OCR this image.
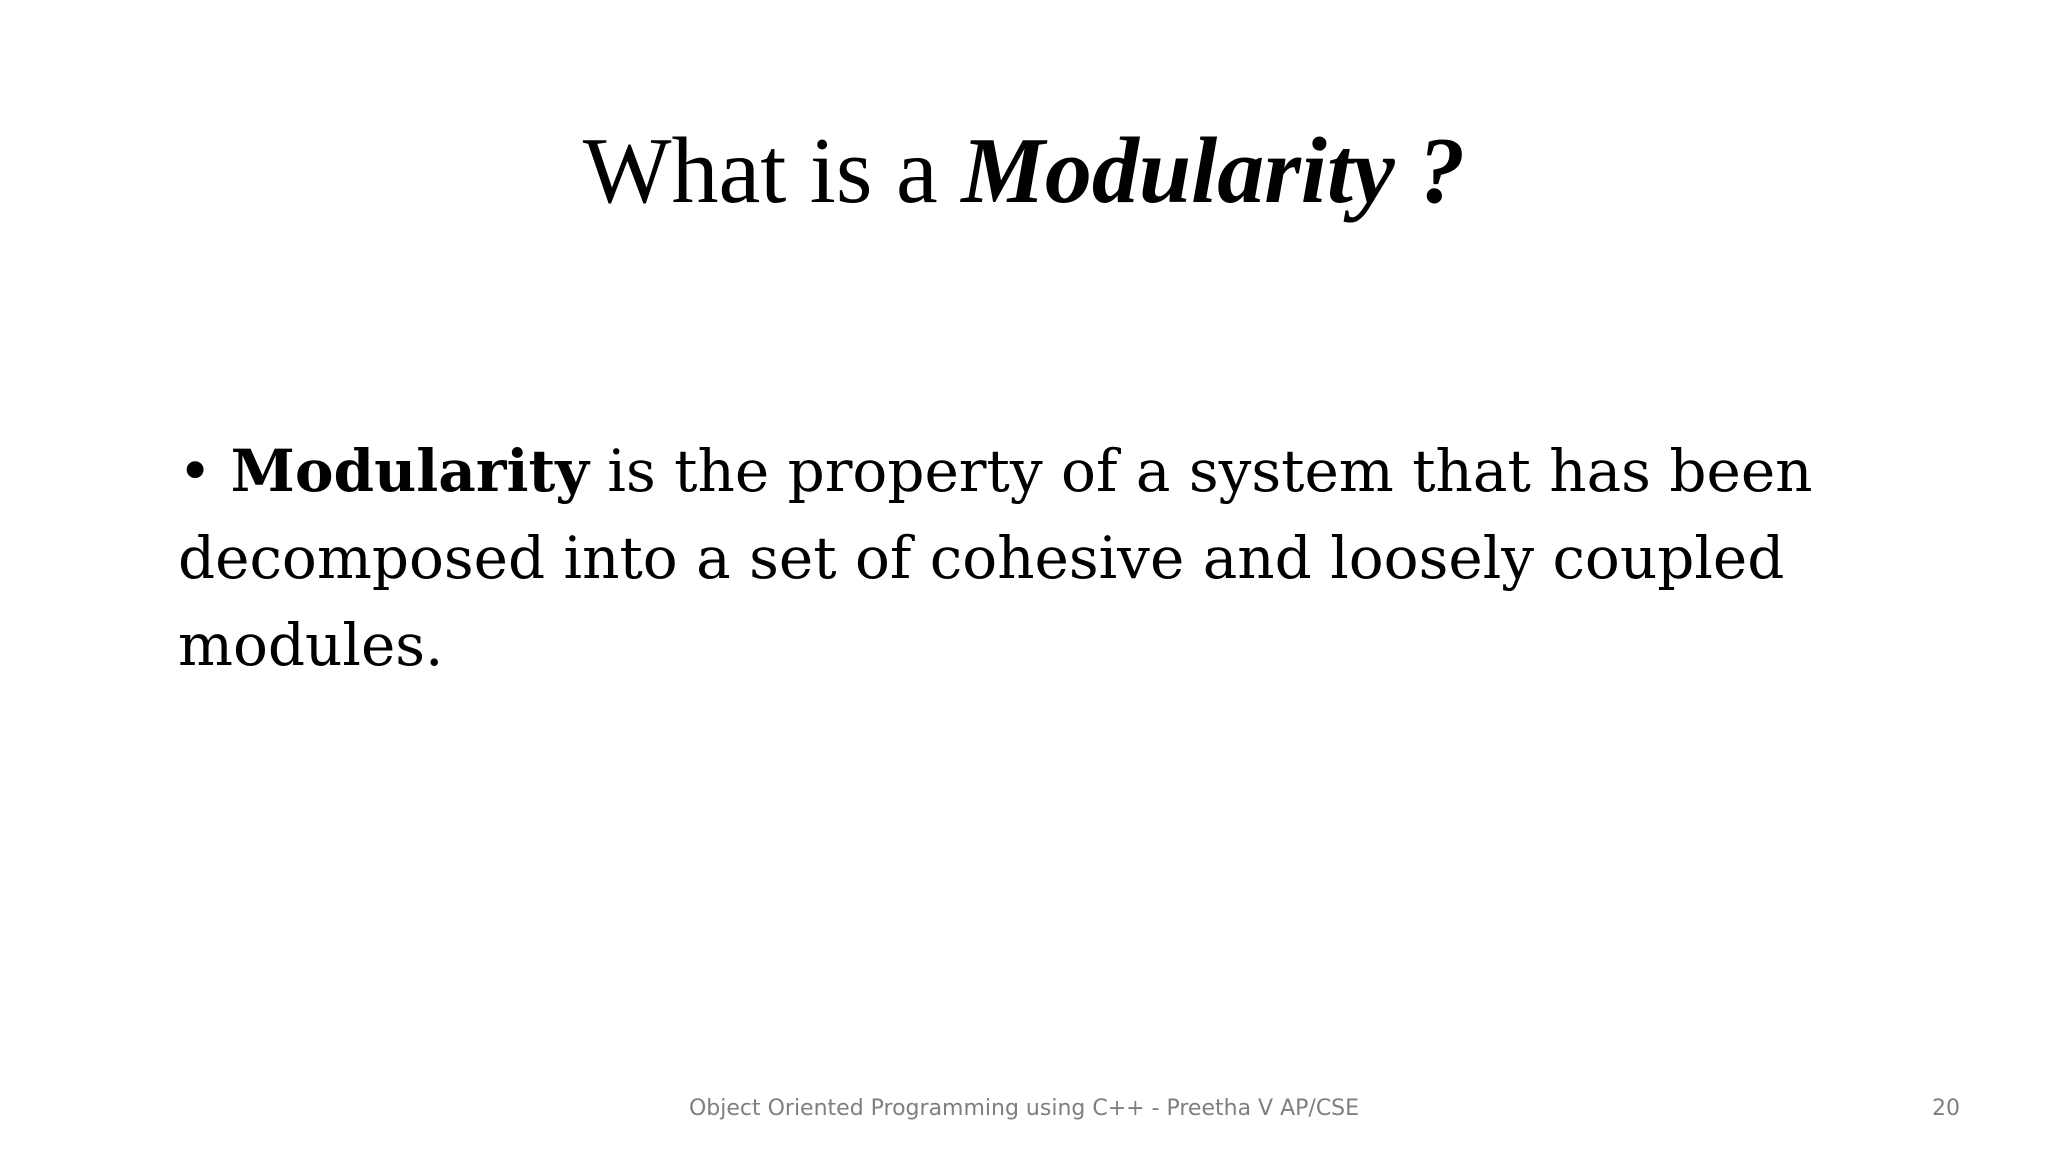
What is a Modularity ?
• Modularity is the property of a system that has been
decomposed into a set of cohesive and loosely coupled
modules.
Object Oriented Programming using C++ - Preetha V AP/CSE	20
